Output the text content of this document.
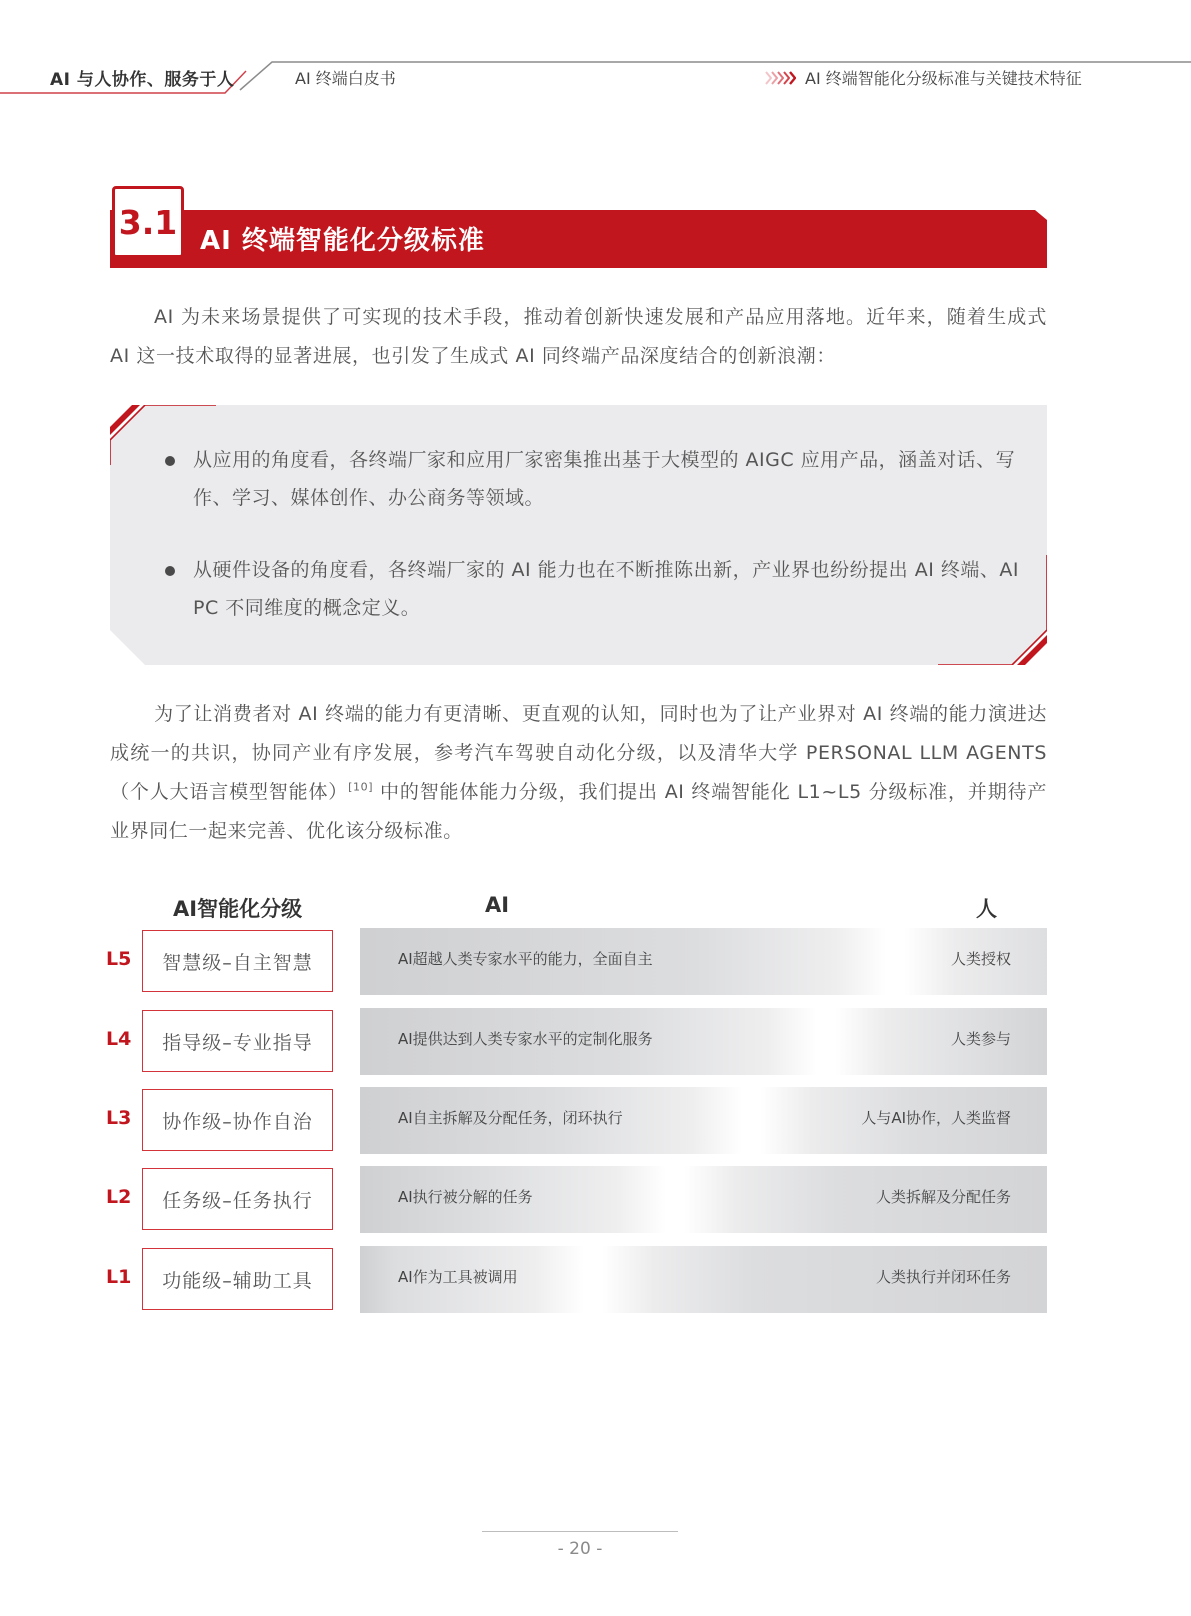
AI 与人协作、服务于人	AI 终端白皮书	AI 终端智能化分级标准与关键技术特征
3.1 AI 终端智能化分级标准

AI 为未来场景提供了可实现的技术手段，推动着创新快速发展和产品应用落地。近年来，随着生成式 AI 这一技术取得的显著进展，也引发了生成式 AI 同终端产品深度结合的创新浪潮：

从应用的角度看，各终端厂家和应用厂家密集推出基于大模型的 AIGC 应用产品，涵盖对话、写作、学习、媒体创作、办公商务等领域。
从硬件设备的角度看，各终端厂家的 AI 能力也在不断推陈出新，产业界也纷纷提出 AI 终端、AI PC 不同维度的概念定义。

为了让消费者对 AI 终端的能力有更清晰、更直观的认知，同时也为了让产业界对 AI 终端的能力演进达成统一的共识，协同产业有序发展，参考汽车驾驶自动化分级，以及清华大学 PERSONAL LLM AGENTS（个人大语言模型智能体）[10] 中的智能体能力分级，我们提出 AI 终端智能化 L1~L5 分级标准，并期待产业界同仁一起来完善、优化该分级标准。

AI智能化分级	AI	人
L5	智慧级–自主智慧	AI超越人类专家水平的能力，全面自主	人类授权
L4	指导级–专业指导	AI提供达到人类专家水平的定制化服务	人类参与
L3	协作级–协作自治	AI自主拆解及分配任务，闭环执行	人与AI协作，人类监督
L2	任务级–任务执行	AI执行被分解的任务	人类拆解及分配任务
L1	功能级–辅助工具	AI作为工具被调用	人类执行并闭环任务
- 20 -
